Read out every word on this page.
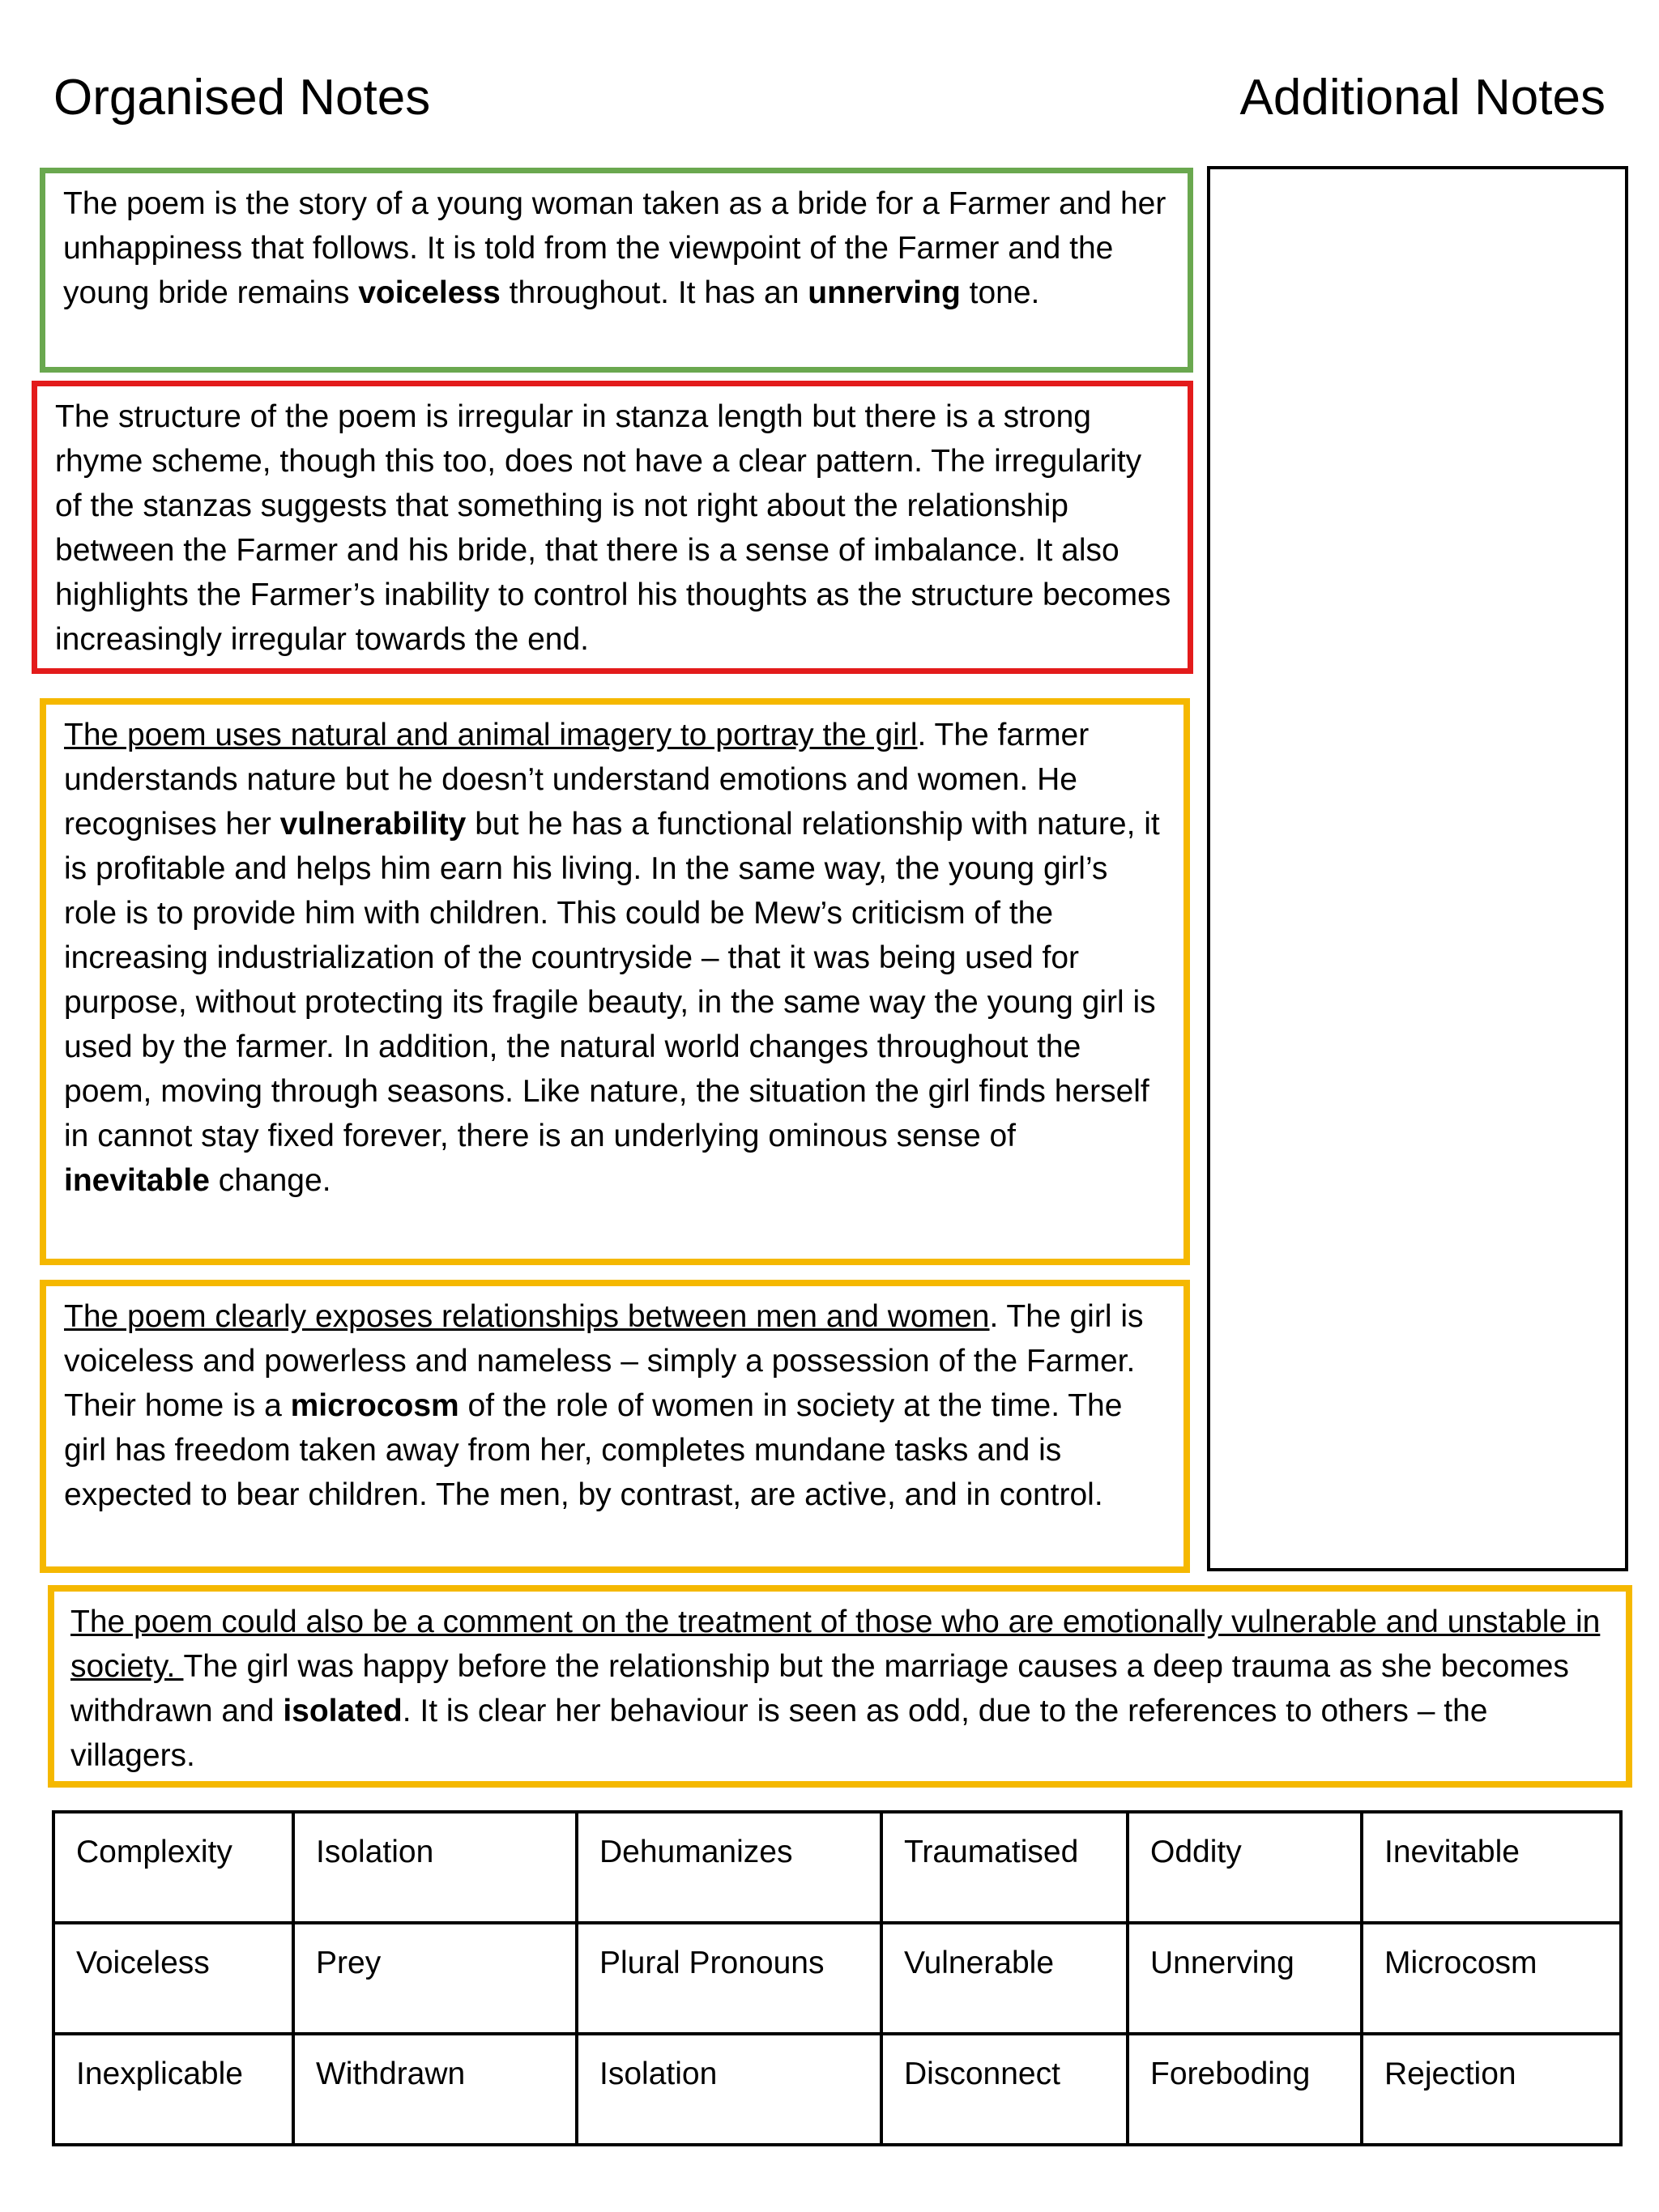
Organised Notes	Additional Notes

The poem is the story of a young woman taken as a bride for a Farmer and her unhappiness that follows. It is told from the viewpoint of the Farmer and the young bride remains voiceless throughout. It has an unnerving tone.

The structure of the poem is irregular in stanza length but there is a strong rhyme scheme, though this too, does not have a clear pattern. The irregularity of the stanzas suggests that something is not right about the relationship between the Farmer and his bride, that there is a sense of imbalance. It also highlights the Farmer’s inability to control his thoughts as the structure becomes increasingly irregular towards the end.

The poem uses natural and animal imagery to portray the girl. The farmer understands nature but he doesn’t understand emotions and women. He recognises her vulnerability but he has a functional relationship with nature, it is profitable and helps him earn his living. In the same way, the young girl’s role is to provide him with children. This could be Mew’s criticism of the increasing industrialization of the countryside – that it was being used for purpose, without protecting its fragile beauty, in the same way the young girl is used by the farmer. In addition, the natural world changes throughout the poem, moving through seasons. Like nature, the situation the girl finds herself in cannot stay fixed forever, there is an underlying ominous sense of inevitable change.

The poem clearly exposes relationships between men and women. The girl is voiceless and powerless and nameless – simply a possession of the Farmer. Their home is a microcosm of the role of women in society at the time. The girl has freedom taken away from her, completes mundane tasks and is expected to bear children. The men, by contrast, are active, and in control.

The poem could also be a comment on the treatment of those who are emotionally vulnerable and unstable in society. The girl was happy before the relationship but the marriage causes a deep trauma as she becomes withdrawn and isolated. It is clear her behaviour is seen as odd, due to the references to others – the villagers.

Complexity	Isolation	Dehumanizes	Traumatised	Oddity	Inevitable
Voiceless	Prey	Plural Pronouns	Vulnerable	Unnerving	Microcosm
Inexplicable	Withdrawn	Isolation	Disconnect	Foreboding	Rejection
